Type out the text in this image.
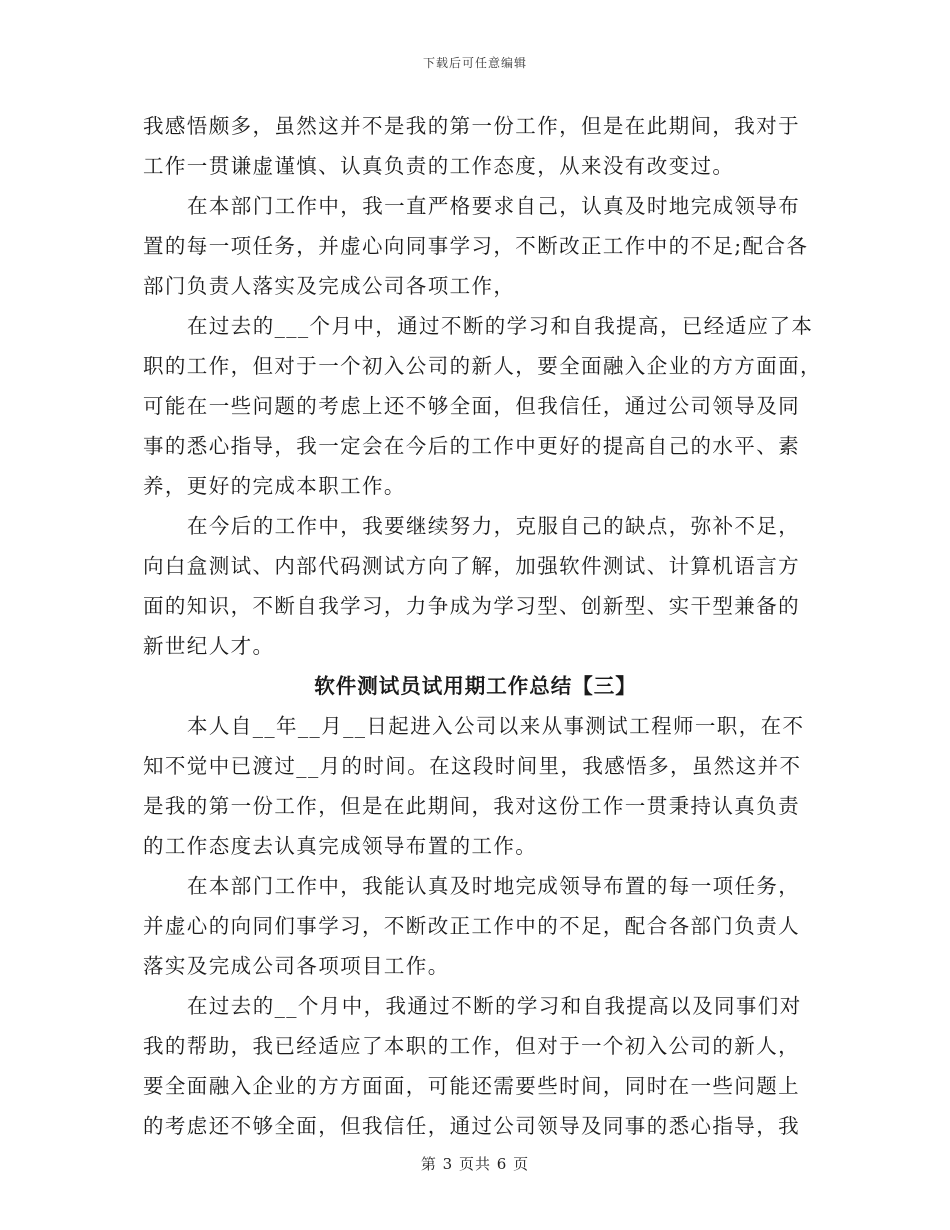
下载后可任意编辑
我感悟颇多，虽然这并不是我的第一份工作，但是在此期间，我对于
工作一贯谦虚谨慎、认真负责的工作态度，从来没有改变过。
在本部门工作中，我一直严格要求自己，认真及时地完成领导布
置的每一项任务，并虚心向同事学习，不断改正工作中的不足;配合各
部门负责人落实及完成公司各项工作，
在过去的___个月中，通过不断的学习和自我提高，已经适应了本
职的工作，但对于一个初入公司的新人，要全面融入企业的方方面面，
可能在一些问题的考虑上还不够全面，但我信任，通过公司领导及同
事的悉心指导，我一定会在今后的工作中更好的提高自己的水平、素
养，更好的完成本职工作。
在今后的工作中，我要继续努力，克服自己的缺点，弥补不足，
向白盒测试、内部代码测试方向了解，加强软件测试、计算机语言方
面的知识，不断自我学习，力争成为学习型、创新型、实干型兼备的
新世纪人才。
软件测试员试用期工作总结【三】
本人自__年__月__日起进入公司以来从事测试工程师一职，在不
知不觉中已渡过__月的时间。在这段时间里，我感悟多，虽然这并不
是我的第一份工作，但是在此期间，我对这份工作一贯秉持认真负责
的工作态度去认真完成领导布置的工作。
在本部门工作中，我能认真及时地完成领导布置的每一项任务，
并虚心的向同们事学习，不断改正工作中的不足，配合各部门负责人
落实及完成公司各项项目工作。
在过去的__个月中，我通过不断的学习和自我提高以及同事们对
我的帮助，我已经适应了本职的工作，但对于一个初入公司的新人，
要全面融入企业的方方面面，可能还需要些时间，同时在一些问题上
的考虑还不够全面，但我信任，通过公司领导及同事的悉心指导，我
第 3 页共 6 页
